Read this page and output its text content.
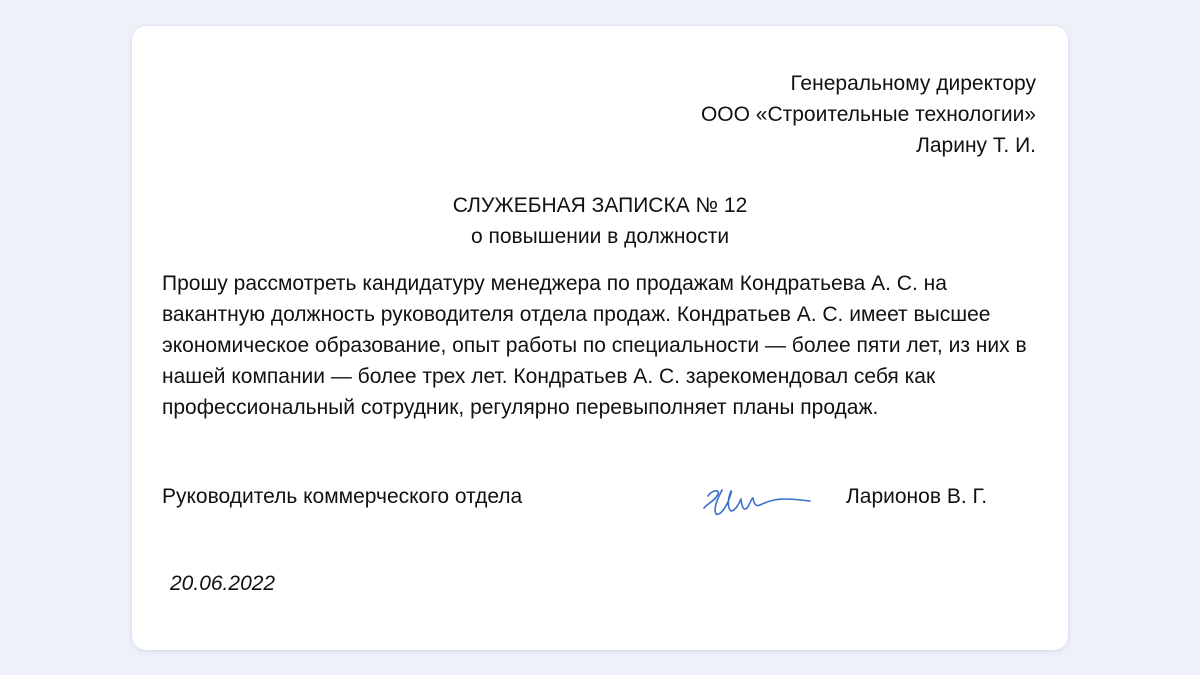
Генеральному директору
ООО «Строительные технологии»
Ларину Т. И.
СЛУЖЕБНАЯ ЗАПИСКА № 12
о повышении в должности

Прошу рассмотреть кандидатуру менеджера по продажам Кондратьева А. С. на вакантную должность руководителя отдела продаж. Кондратьев А. С. имеет высшее экономическое образование, опыт работы по специальности — более пяти лет, из них в нашей компании — более трех лет. Кондратьев А. С. зарекомендовал себя как профессиональный сотрудник, регулярно перевыполняет планы продаж.

Руководитель коммерческого отдела	Ларионов В. Г.
20.06.2022
